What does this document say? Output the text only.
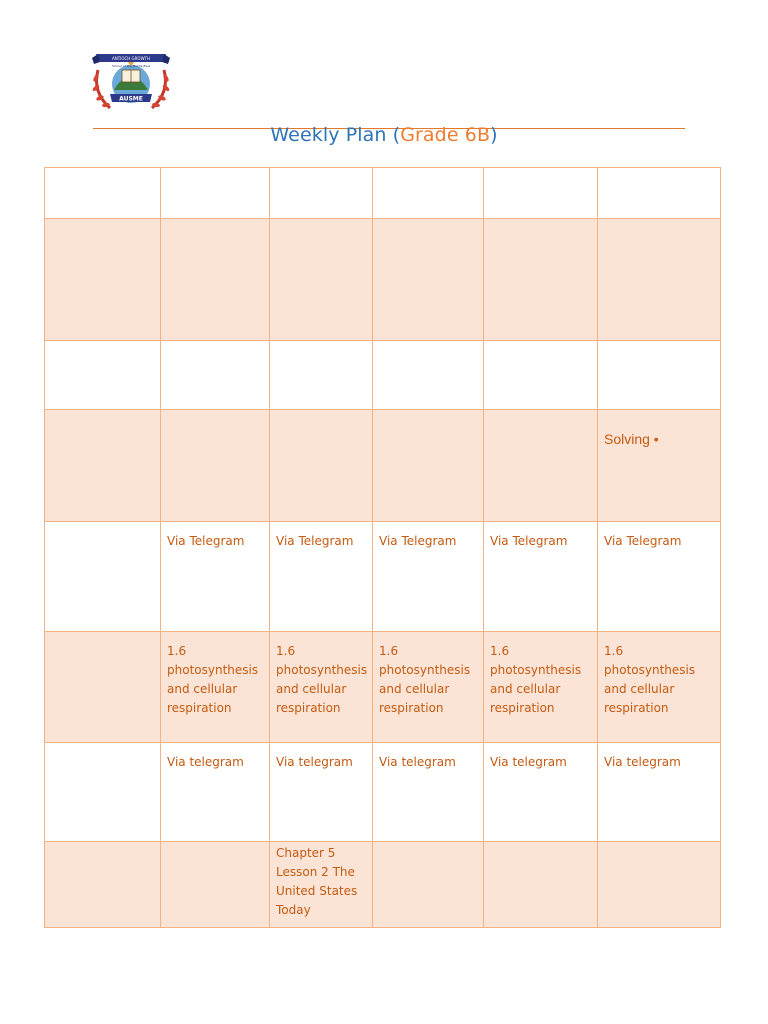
ANTIOCH GROWTH
School of the Middle East
AUSME
Weekly Plan (Grade 6B)

					Solving •
	Via Telegram	Via Telegram	Via Telegram	Via Telegram	Via Telegram
	1.6 photosynthesis and cellular respiration	1.6 photosynthesis and cellular respiration	1.6 photosynthesis and cellular respiration	1.6 photosynthesis and cellular respiration	1.6 photosynthesis and cellular respiration
	Via telegram	Via telegram	Via telegram	Via telegram	Via telegram
		Chapter 5 Lesson 2 The United States Today			
